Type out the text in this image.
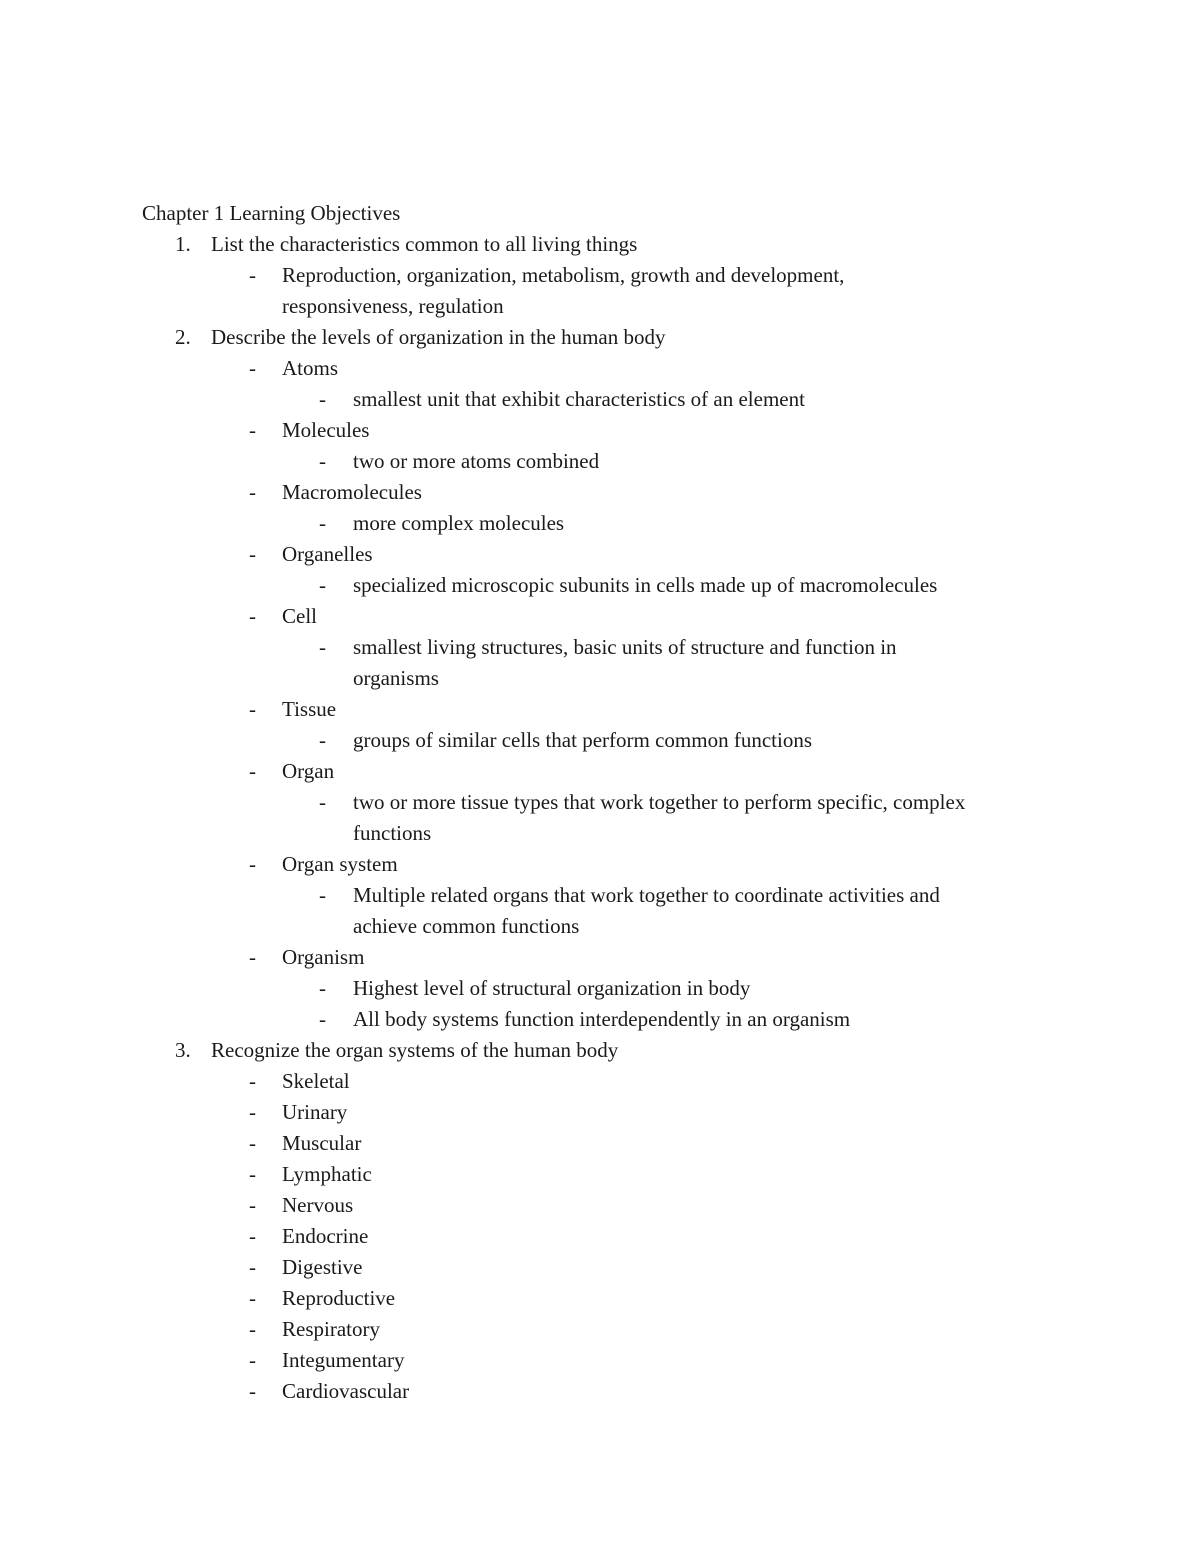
Chapter 1 Learning Objectives
1. List the characteristics common to all living things
- Reproduction, organization, metabolism, growth and development,
responsiveness, regulation
2. Describe the levels of organization in the human body
- Atoms
- smallest unit that exhibit characteristics of an element
- Molecules
- two or more atoms combined
- Macromolecules
- more complex molecules
- Organelles
- specialized microscopic subunits in cells made up of macromolecules
- Cell
- smallest living structures, basic units of structure and function in
organisms
- Tissue
- groups of similar cells that perform common functions
- Organ
- two or more tissue types that work together to perform specific, complex
functions
- Organ system
- Multiple related organs that work together to coordinate activities and
achieve common functions
- Organism
- Highest level of structural organization in body
- All body systems function interdependently in an organism
3. Recognize the organ systems of the human body
- Skeletal
- Urinary
- Muscular
- Lymphatic
- Nervous
- Endocrine
- Digestive
- Reproductive
- Respiratory
- Integumentary
- Cardiovascular
